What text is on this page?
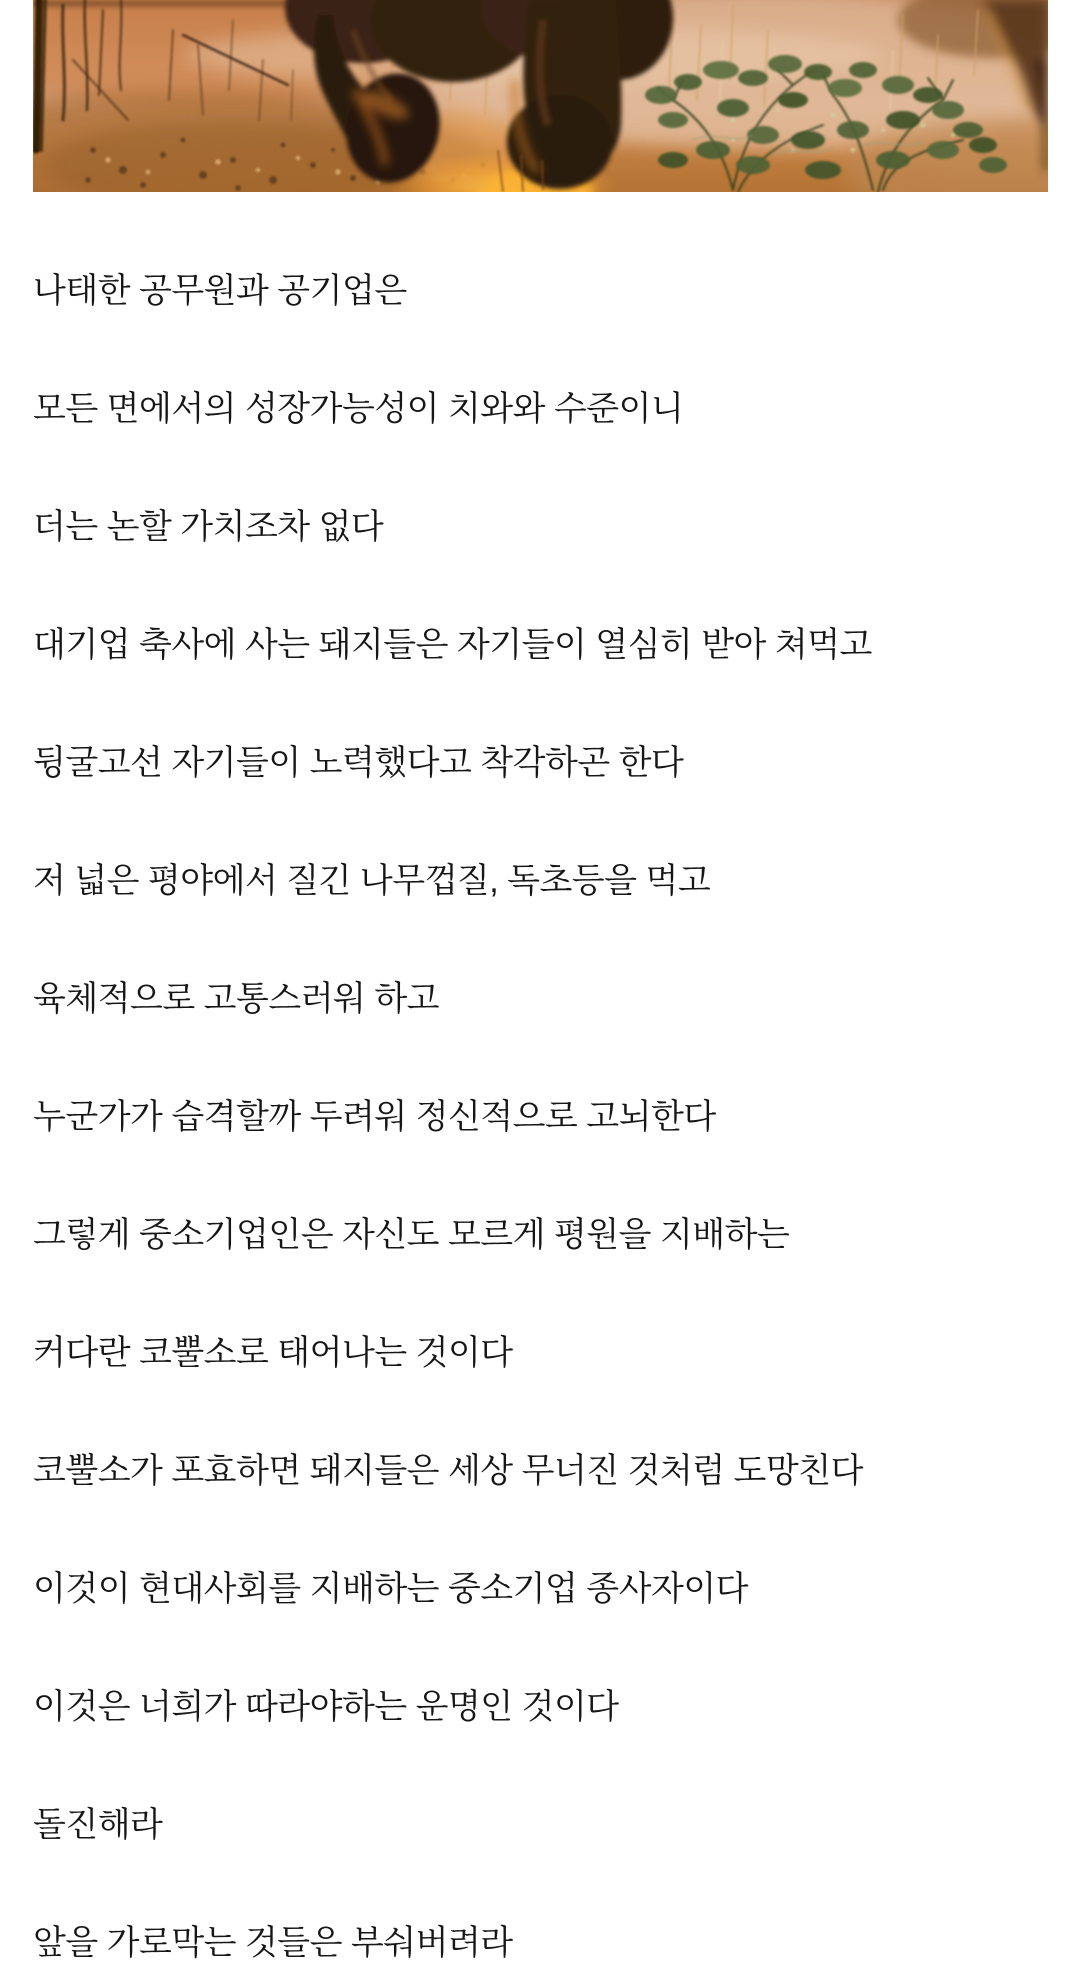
나태한 공무원과 공기업은

모든 면에서의 성장가능성이 치와와 수준이니

더는 논할 가치조차 없다

대기업 축사에 사는 돼지들은 자기들이 열심히 받아 쳐먹고

뒹굴고선 자기들이 노력했다고 착각하곤 한다

저 넓은 평야에서 질긴 나무껍질, 독초등을 먹고

육체적으로 고통스러워 하고

누군가가 습격할까 두려워 정신적으로 고뇌한다

그렇게 중소기업인은 자신도 모르게 평원을 지배하는

커다란 코뿔소로 태어나는 것이다

코뿔소가 포효하면 돼지들은 세상 무너진 것처럼 도망친다

이것이 현대사회를 지배하는 중소기업 종사자이다

이것은 너희가 따라야하는 운명인 것이다

돌진해라

앞을 가로막는 것들은 부숴버려라
